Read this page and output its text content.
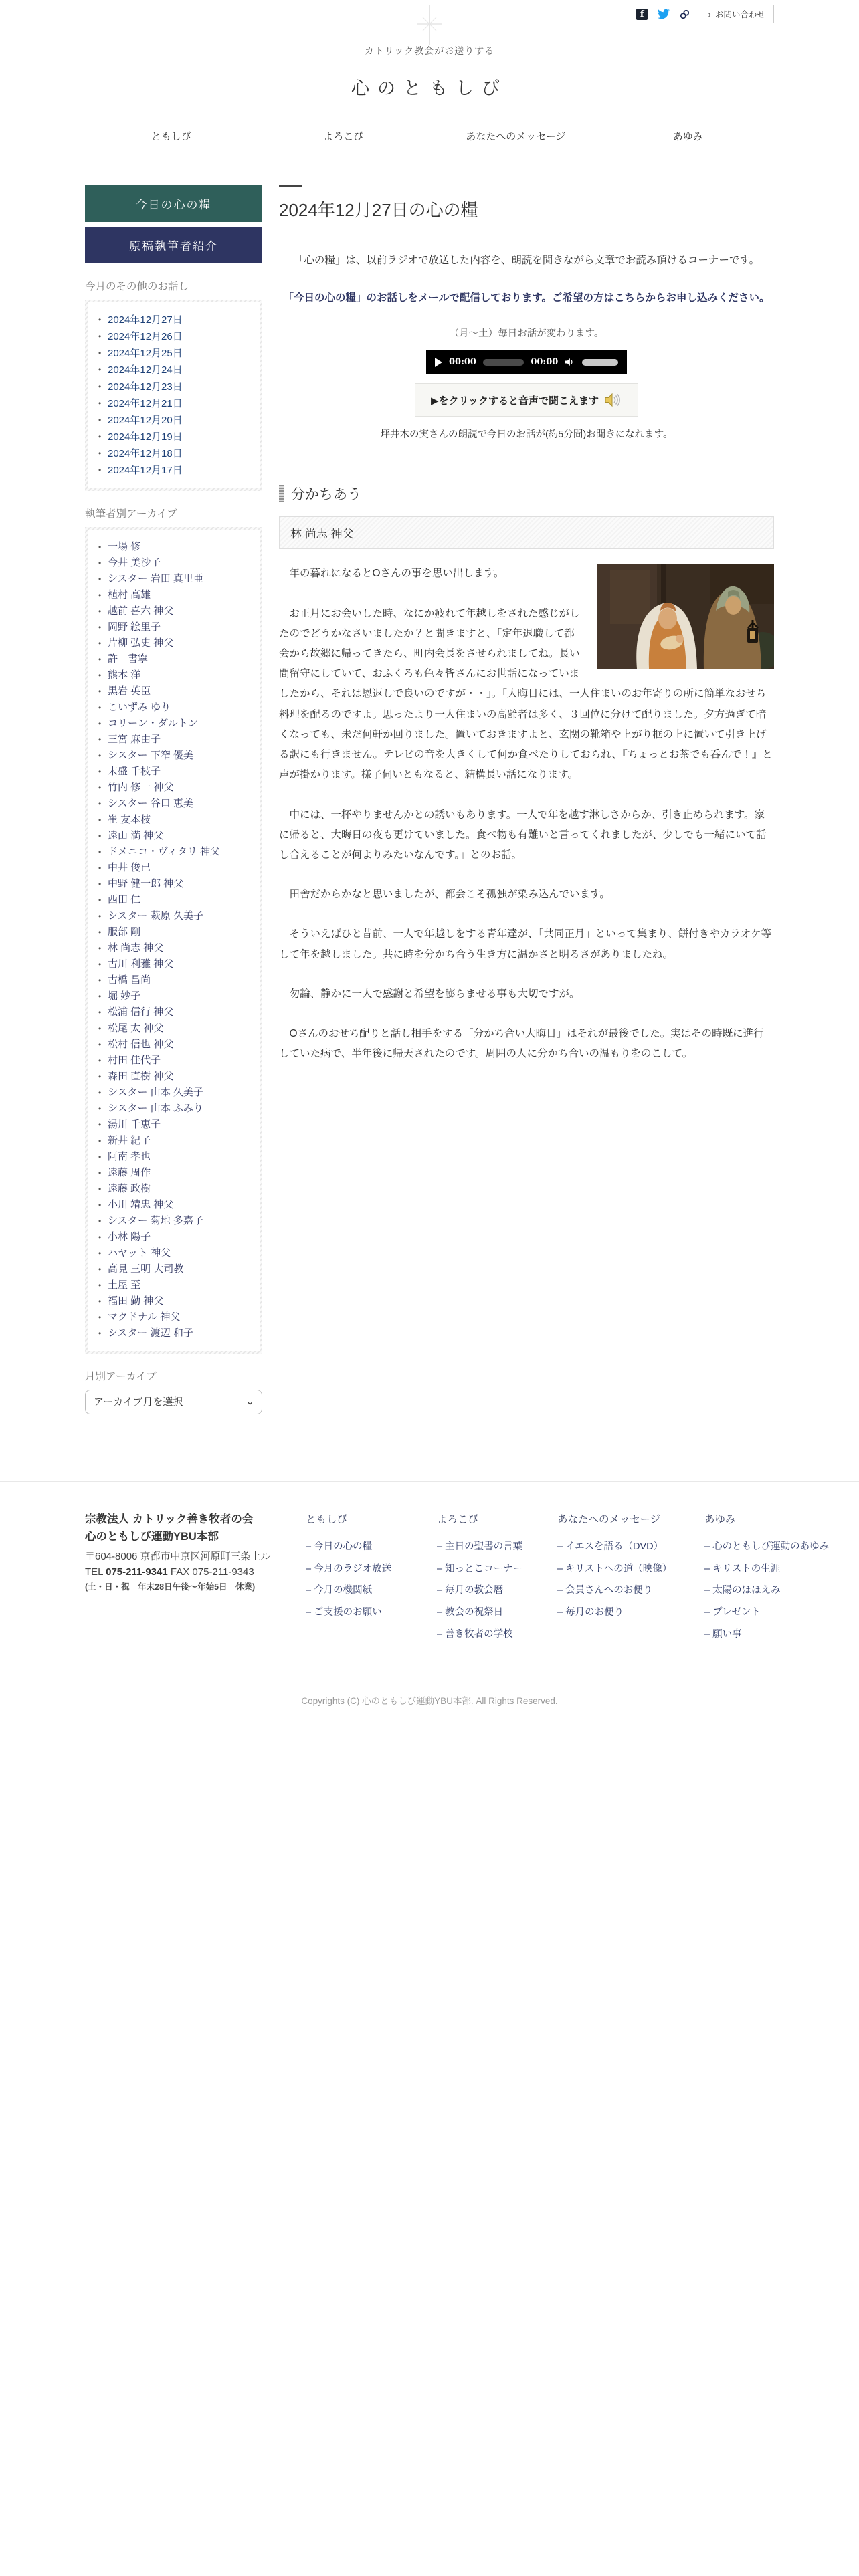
f	› お問い合わせ
カトリック教会がお送りする
心のともしび
ともしび	よろこび	あなたへのメッセージ	あゆみ
今日の心の糧
原稿執筆者紹介
今月のその他のお話し
• 2024年12月27日
• 2024年12月26日
• 2024年12月25日
• 2024年12月24日
• 2024年12月23日
• 2024年12月21日
• 2024年12月20日
• 2024年12月19日
• 2024年12月18日
• 2024年12月17日
執筆者別アーカイブ
• 一場 修
• 今井 美沙子
• シスター 岩田 真里亜
• 植村 高雄
• 越前 喜六 神父
• 岡野 絵里子
• 片柳 弘史 神父
• 許　書寧
• 熊本 洋
• 黒岩 英臣
• こいずみ ゆり
• コリーン・ダルトン
• 三宮 麻由子
• シスター 下窄 優美
• 末盛 千枝子
• 竹内 修一 神父
• シスター 谷口 恵美
• 崔 友本枝
• 遠山 満 神父
• ドメニコ・ヴィタリ 神父
• 中井 俊已
• 中野 健一郎 神父
• 西田 仁
• シスター 萩原 久美子
• 服部 剛
• 林 尚志 神父
• 古川 利雅 神父
• 古橋 昌尚
• 堀 妙子
• 松浦 信行 神父
• 松尾 太 神父
• 松村 信也 神父
• 村田 佳代子
• 森田 直樹 神父
• シスター 山本 久美子
• シスター 山本 ふみり
• 湯川 千恵子
• 新井 紀子
• 阿南 孝也
• 遠藤 周作
• 遠藤 政樹
• 小川 靖忠 神父
• シスター 菊地 多嘉子
• 小林 陽子
• ハヤット 神父
• 高見 三明 大司教
• 土屋 至
• 福田 勤 神父
• マクドナル 神父
• シスター 渡辺 和子
月別アーカイブ
アーカイブ月を選択
⌄
2024年12月27日の心の糧

「心の糧」は、以前ラジオで放送した内容を、朗読を聞きながら文章でお読み頂けるコーナーです。

「今日の心の糧」のお話しをメールで配信しております。ご希望の方はこちらからお申し込みください。

（月～土）毎日お話が変わります。

00:00	00:00
▶をクリックすると音声で聞こえます

坪井木の実さんの朗読で今日のお話が(約5分間)お聞きになれます。

分かちあう
林 尚志 神父

　年の暮れになるとOさんの事を思い出します。

　お正月にお会いした時、なにか疲れて年越しをされた感じがしたのでどうかなさいましたか？と聞きますと、「定年退職して都会から故郷に帰ってきたら、町内会長をさせられましてね。長い間留守にしていて、おふくろも色々皆さんにお世話になっていましたから、それは恩返しで良いのですが・・」。「大晦日には、一人住まいのお年寄りの所に簡単なおせち料理を配るのですよ。思ったより一人住まいの高齢者は多く、３回位に分けて配りました。夕方過ぎて暗くなっても、未だ何軒か回りました。置いておきますよと、玄関の靴箱や上がり框の上に置いて引き上げる訳にも行きません。テレビの音を大きくして何か食べたりしておられ、『ちょっとお茶でも呑んで！』と声が掛かります。様子伺いともなると、結構長い話になります。

　中には、一杯やりませんかとの誘いもあります。一人で年を越す淋しさからか、引き止められます。家に帰ると、大晦日の夜も更けていました。食べ物も有難いと言ってくれましたが、少しでも一緒にいて話し合えることが何よりみたいなんです。」とのお話。

　田舎だからかなと思いましたが、都会こそ孤独が染み込んでいます。

　そういえばひと昔前、一人で年越しをする青年達が、「共同正月」といって集まり、餅付きやカラオケ等して年を越しました。共に時を分かち合う生き方に温かさと明るさがありましたね。

　勿論、静かに一人で感謝と希望を膨らませる事も大切ですが。

　Oさんのおせち配りと話し相手をする「分かち合い大晦日」はそれが最後でした。実はその時既に進行していた病で、半年後に帰天されたのです。周囲の人に分かち合いの温もりをのこして。

宗教法人 カトリック善き牧者の会
心のともしび運動YBU本部
〒604-8006 京都市中京区河原町三条上ル
TEL 075-211-9341 FAX 075-211-9343
(土・日・祝　年末28日午後～年始5日　休業)
ともしび
– 今日の心の糧
– 今月のラジオ放送
– 今月の機関紙
– ご支援のお願い
よろこび
– 主日の聖書の言葉
– 知っとこコーナー
– 毎月の教会暦
– 教会の祝祭日
– 善き牧者の学校
あなたへのメッセージ
– イエスを語る（DVD）
– キリストへの道（映像）
– 会員さんへのお便り
– 毎月のお便り
あゆみ
– 心のともしび運動のあゆみ
– キリストの生涯
– 太陽のほほえみ
– プレゼント
– 願い事
Copyrights (C) 心のともしび運動YBU本部. All Rights Reserved.
